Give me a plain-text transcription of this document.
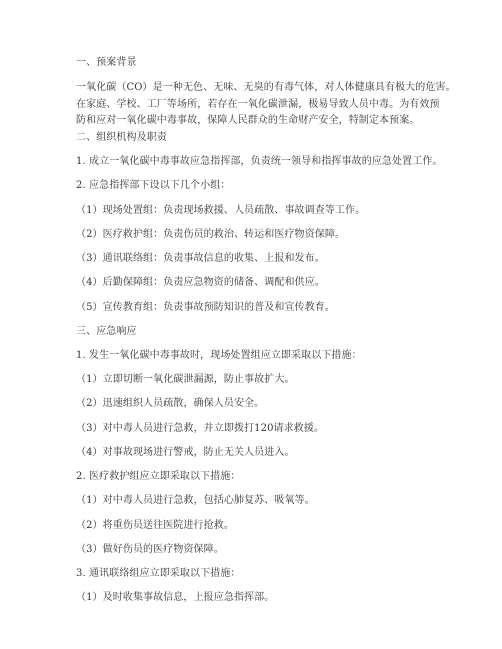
一、预案背景
一氧化碳（CO）是一种无色、无味、无臭的有毒气体，对人体健康具有极大的危害。
在家庭、学校、工厂等场所，若存在一氧化碳泄漏，极易导致人员中毒。为有效预
防和应对一氧化碳中毒事故，保障人民群众的生命财产安全，特制定本预案。
二、组织机构及职责
1. 成立一氧化碳中毒事故应急指挥部，负责统一领导和指挥事故的应急处置工作。
2. 应急指挥部下设以下几个小组：
（1）现场处置组：负责现场救援、人员疏散、事故调查等工作。
（2）医疗救护组：负责伤员的救治、转运和医疗物资保障。
（3）通讯联络组：负责事故信息的收集、上报和发布。
（4）后勤保障组：负责应急物资的储备、调配和供应。
（5）宣传教育组：负责事故预防知识的普及和宣传教育。
三、应急响应
1. 发生一氧化碳中毒事故时，现场处置组应立即采取以下措施：
（1）立即切断一氧化碳泄漏源，防止事故扩大。
（2）迅速组织人员疏散，确保人员安全。
（3）对中毒人员进行急救，并立即拨打120请求救援。
（4）对事故现场进行警戒，防止无关人员进入。
2. 医疗救护组应立即采取以下措施：
（1）对中毒人员进行急救，包括心肺复苏、吸氧等。
（2）将重伤员送往医院进行抢救。
（3）做好伤员的医疗物资保障。
3. 通讯联络组应立即采取以下措施：
（1）及时收集事故信息，上报应急指挥部。
